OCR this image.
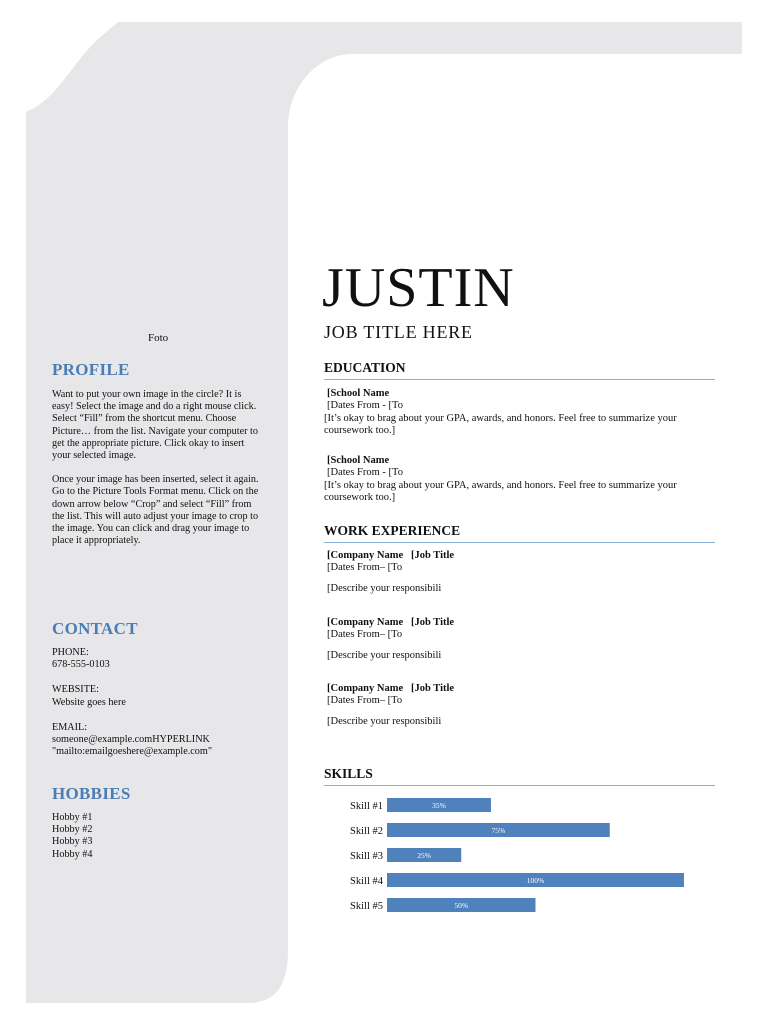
Foto
PROFILE

Want to put your own image in the circle? It is easy! Select the image and do a right mouse click. Select “Fill” from the shortcut menu. Choose Picture… from the list. Navigate your computer to get the appropriate picture. Click okay to insert your selected image.

Once your image has been inserted, select it again. Go to the Picture Tools Format menu. Click on the down arrow below “Crop” and select “Fill” from the list. This will auto adjust your image to crop to the image. You can click and drag your image to place it appropriately.

CONTACT
PHONE:
678-555-0103
WEBSITE:
Website goes here
EMAIL:
someone@example.comHYPERLINK "mailto:emailgoeshere@example.com"
HOBBIES
Hobby #1
Hobby #2
Hobby #3
Hobby #4
JUSTIN
JOB TITLE HERE
EDUCATION
[School Name
[Dates From - [To
[It’s okay to brag about your GPA, awards, and honors. Feel free to summarize your coursework too.]
[School Name
[Dates From - [To
[It’s okay to brag about your GPA, awards, and honors. Feel free to summarize your coursework too.]
WORK EXPERIENCE
[Company Name [Job Title
[Dates From– [To
[Describe your responsibili
[Company Name [Job Title
[Dates From– [To
[Describe your responsibili
[Company Name [Job Title
[Dates From– [To
[Describe your responsibili
SKILLS
Skill #1	35%
Skill #2	75%
Skill #3	25%
Skill #4	100%
Skill #5	50%
